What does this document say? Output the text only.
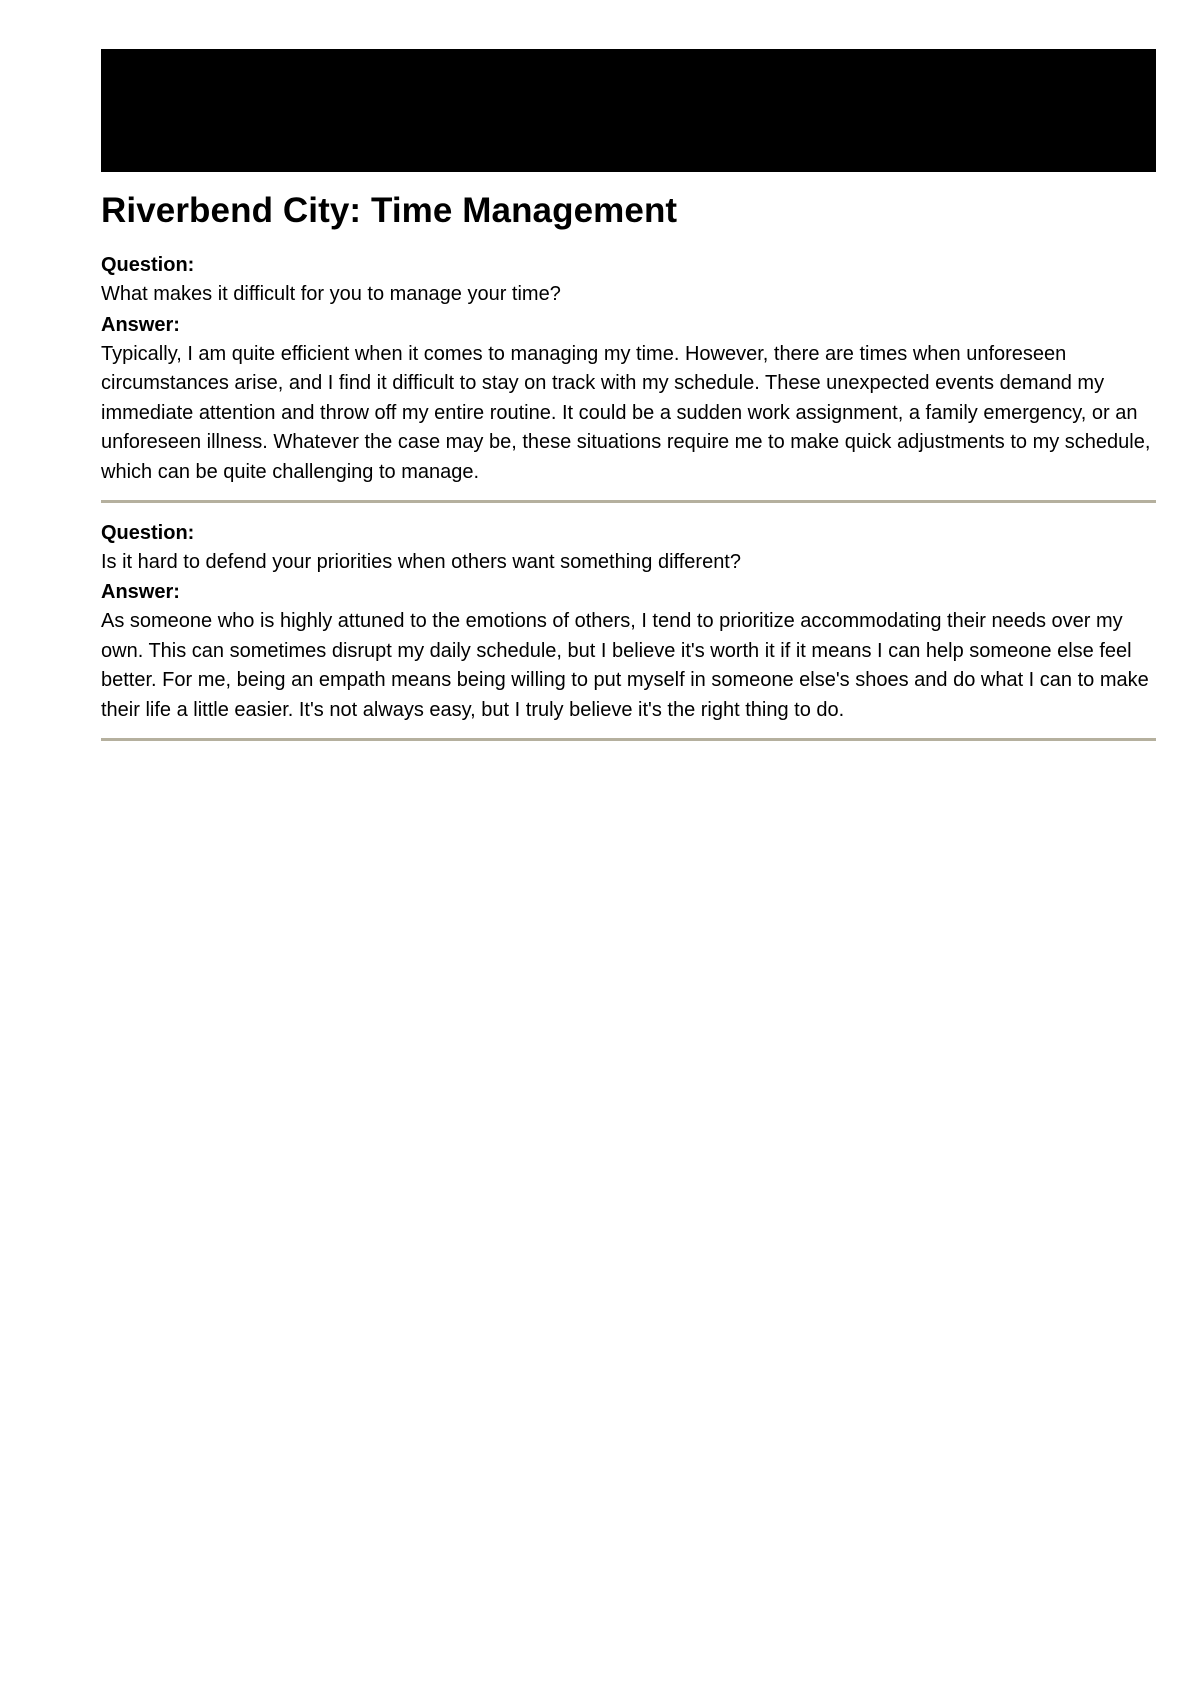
Riverbend City: Time Management
Question:
What makes it difficult for you to manage your time?
Answer:
Typically, I am quite efficient when it comes to managing my time. However, there are times when unforeseen circumstances arise, and I find it difficult to stay on track with my schedule. These unexpected events demand my immediate attention and throw off my entire routine. It could be a sudden work assignment, a family emergency, or an unforeseen illness. Whatever the case may be, these situations require me to make quick adjustments to my schedule, which can be quite challenging to manage.
Question:
Is it hard to defend your priorities when others want something different?
Answer:
As someone who is highly attuned to the emotions of others, I tend to prioritize accommodating their needs over my own. This can sometimes disrupt my daily schedule, but I believe it's worth it if it means I can help someone else feel better. For me, being an empath means being willing to put myself in someone else's shoes and do what I can to make their life a little easier. It's not always easy, but I truly believe it's the right thing to do.
